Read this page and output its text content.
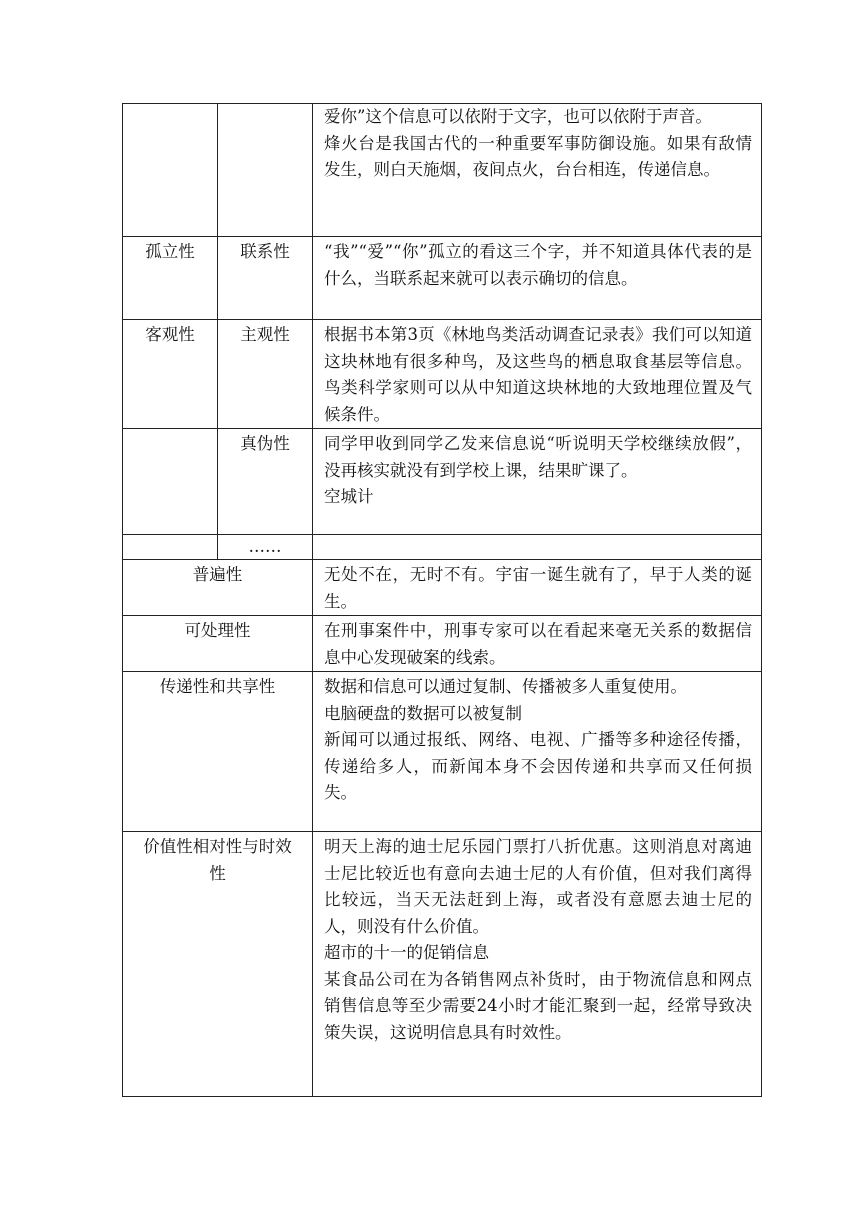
		爱你”这个信息可以依附于文字，也可以依附于声音。
烽火台是我国古代的一种重要军事防御设施。如果有敌情发生，则白天施烟，夜间点火，台台相连，传递信息。

孤立性	联系性	“我”“爱”“你”孤立的看这三个字，并不知道具体代表的是什么，当联系起来就可以表示确切的信息。

客观性	主观性	根据书本第3页《林地鸟类活动调查记录表》我们可以知道这块林地有很多种鸟，及这些鸟的栖息取食基层等信息。鸟类科学家则可以从中知道这块林地的大致地理位置及气候条件。

	真伪性	同学甲收到同学乙发来信息说“听说明天学校继续放假”，没再核实就没有到学校上课，结果旷课了。
空城计

	……	
普遍性		无处不在，无时不有。宇宙一诞生就有了，早于人类的诞生。

可处理性		在刑事案件中，刑事专家可以在看起来毫无关系的数据信息中心发现破案的线索。

传递性和共享性		数据和信息可以通过复制、传播被多人重复使用。
电脑硬盘的数据可以被复制
新闻可以通过报纸、网络、电视、广播等多种途径传播，传递给多人，而新闻本身不会因传递和共享而又任何损失。

价值性相对性与时效性		明天上海的迪士尼乐园门票打八折优惠。这则消息对离迪士尼比较近也有意向去迪士尼的人有价值，但对我们离得比较远，当天无法赶到上海，或者没有意愿去迪士尼的人，则没有什么价值。
超市的十一的促销信息
某食品公司在为各销售网点补货时，由于物流信息和网点销售信息等至少需要24小时才能汇聚到一起，经常导致决策失误，这说明信息具有时效性。
